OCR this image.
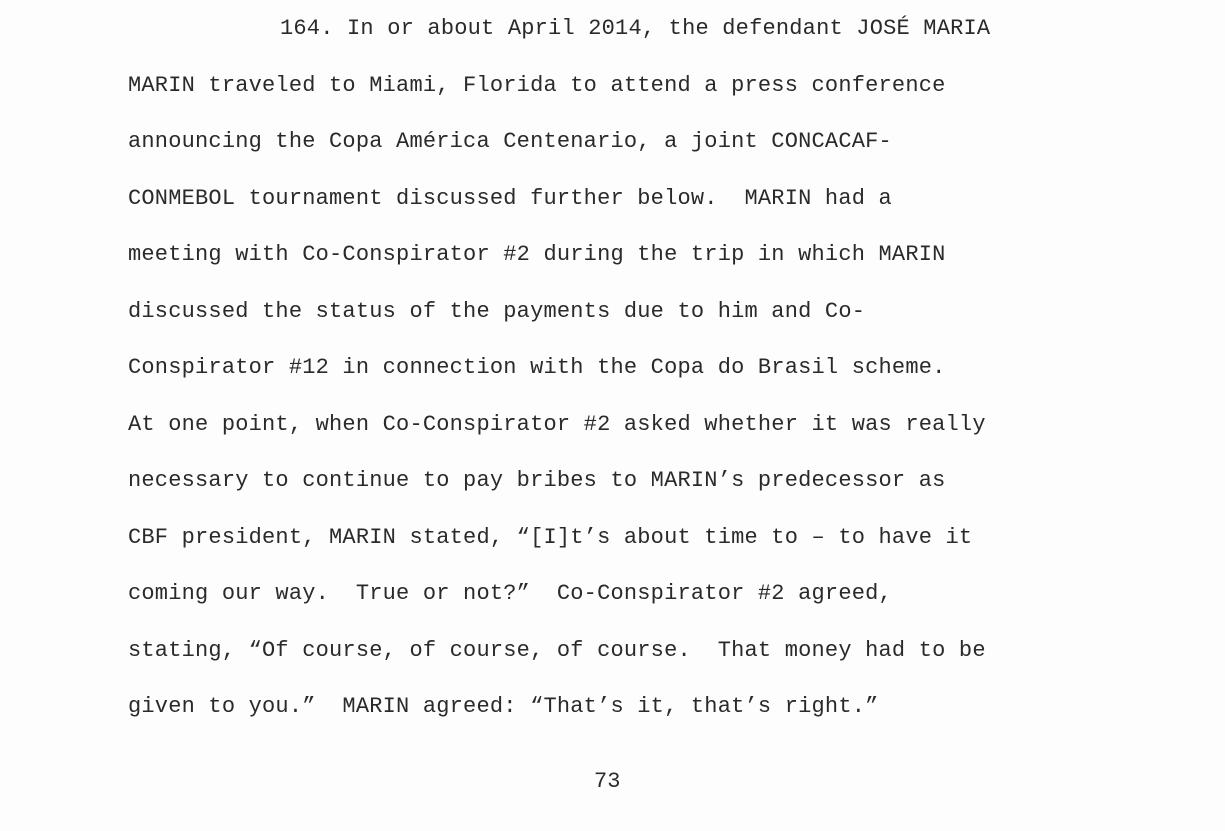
164. In or about April 2014, the defendant JOSÉ MARIA
MARIN traveled to Miami, Florida to attend a press conference
announcing the Copa América Centenario, a joint CONCACAF-
CONMEBOL tournament discussed further below.  MARIN had a
meeting with Co-Conspirator #2 during the trip in which MARIN
discussed the status of the payments due to him and Co-
Conspirator #12 in connection with the Copa do Brasil scheme.
At one point, when Co-Conspirator #2 asked whether it was really
necessary to continue to pay bribes to MARIN’s predecessor as
CBF president, MARIN stated, “[I]t’s about time to – to have it
coming our way.  True or not?”  Co-Conspirator #2 agreed,
stating, “Of course, of course, of course.  That money had to be
given to you.”  MARIN agreed: “That’s it, that’s right.”
73
